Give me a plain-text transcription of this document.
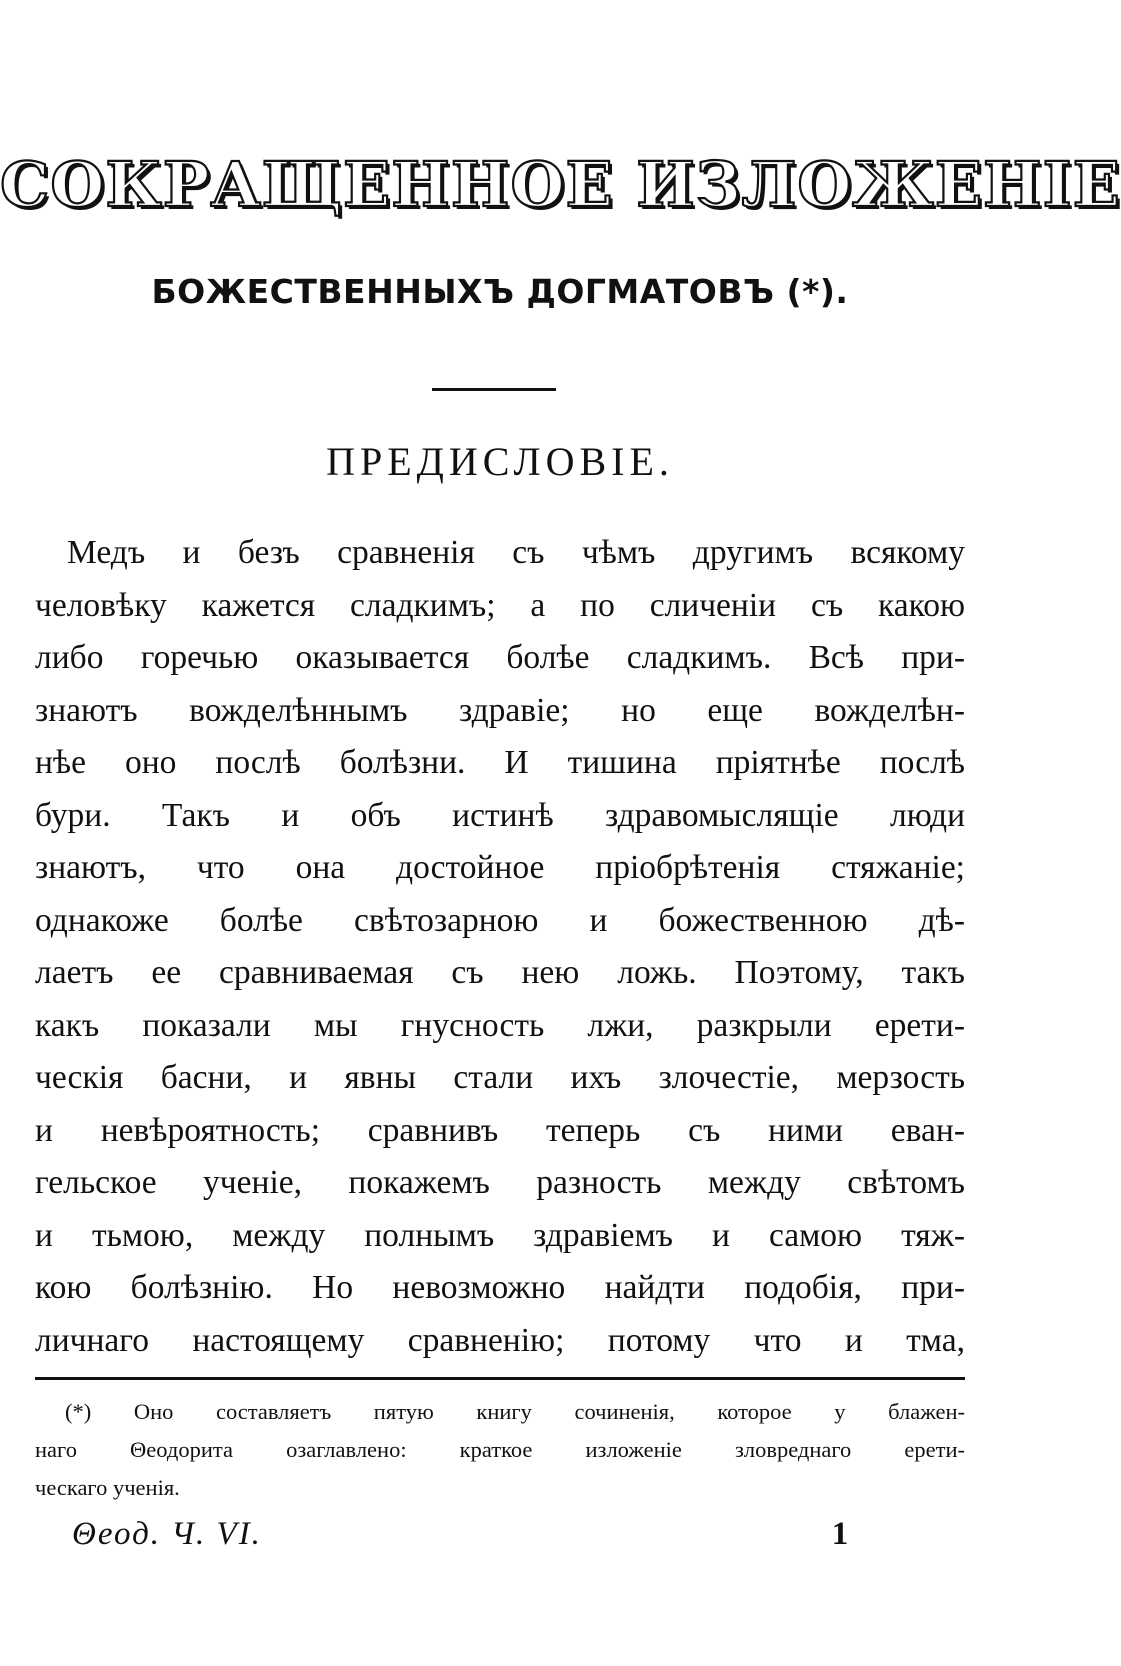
СОКРАЩЕННОЕ ИЗЛОЖЕНІЕ
БОЖЕСТВЕННЫХЪ ДОГМАТОВЪ (*).
ПРЕДИСЛОВІЕ.
Медъ и безъ сравненія съ чѣмъ другимъ всякому
человѣку кажется сладкимъ; а по сличеніи съ какою
либо горечью оказывается болѣе сладкимъ. Всѣ при-
знаютъ вожделѣннымъ здравіе; но еще вожделѣн-
нѣе оно послѣ болѣзни. И тишина пріятнѣе послѣ
бури. Такъ и объ истинѣ здравомыслящіе люди
знаютъ, что она достойное пріобрѣтенія стяжаніе;
однакоже болѣе свѣтозарною и божественною дѣ-
лаетъ ее сравниваемая съ нею ложь. Поэтому, такъ
какъ показали мы гнусность лжи, разкрыли ерети-
ческія басни, и явны стали ихъ злочестіе, мерзость
и невѣроятность; сравнивъ теперь съ ними еван-
гельское ученіе, покажемъ разность между свѣтомъ
и тьмою, между полнымъ здравіемъ и самою тяж-
кою болѣзнію. Но невозможно найдти подобія, при-
личнаго настоящему сравненію; потому что и тма,
(*) Оно составляетъ пятую книгу сочиненія, которое у блажен-
наго Θеодорита озаглавлено: краткое изложеніе зловреднаго ерети-
ческаго ученія.
Θеод. Ч. VI.	1
